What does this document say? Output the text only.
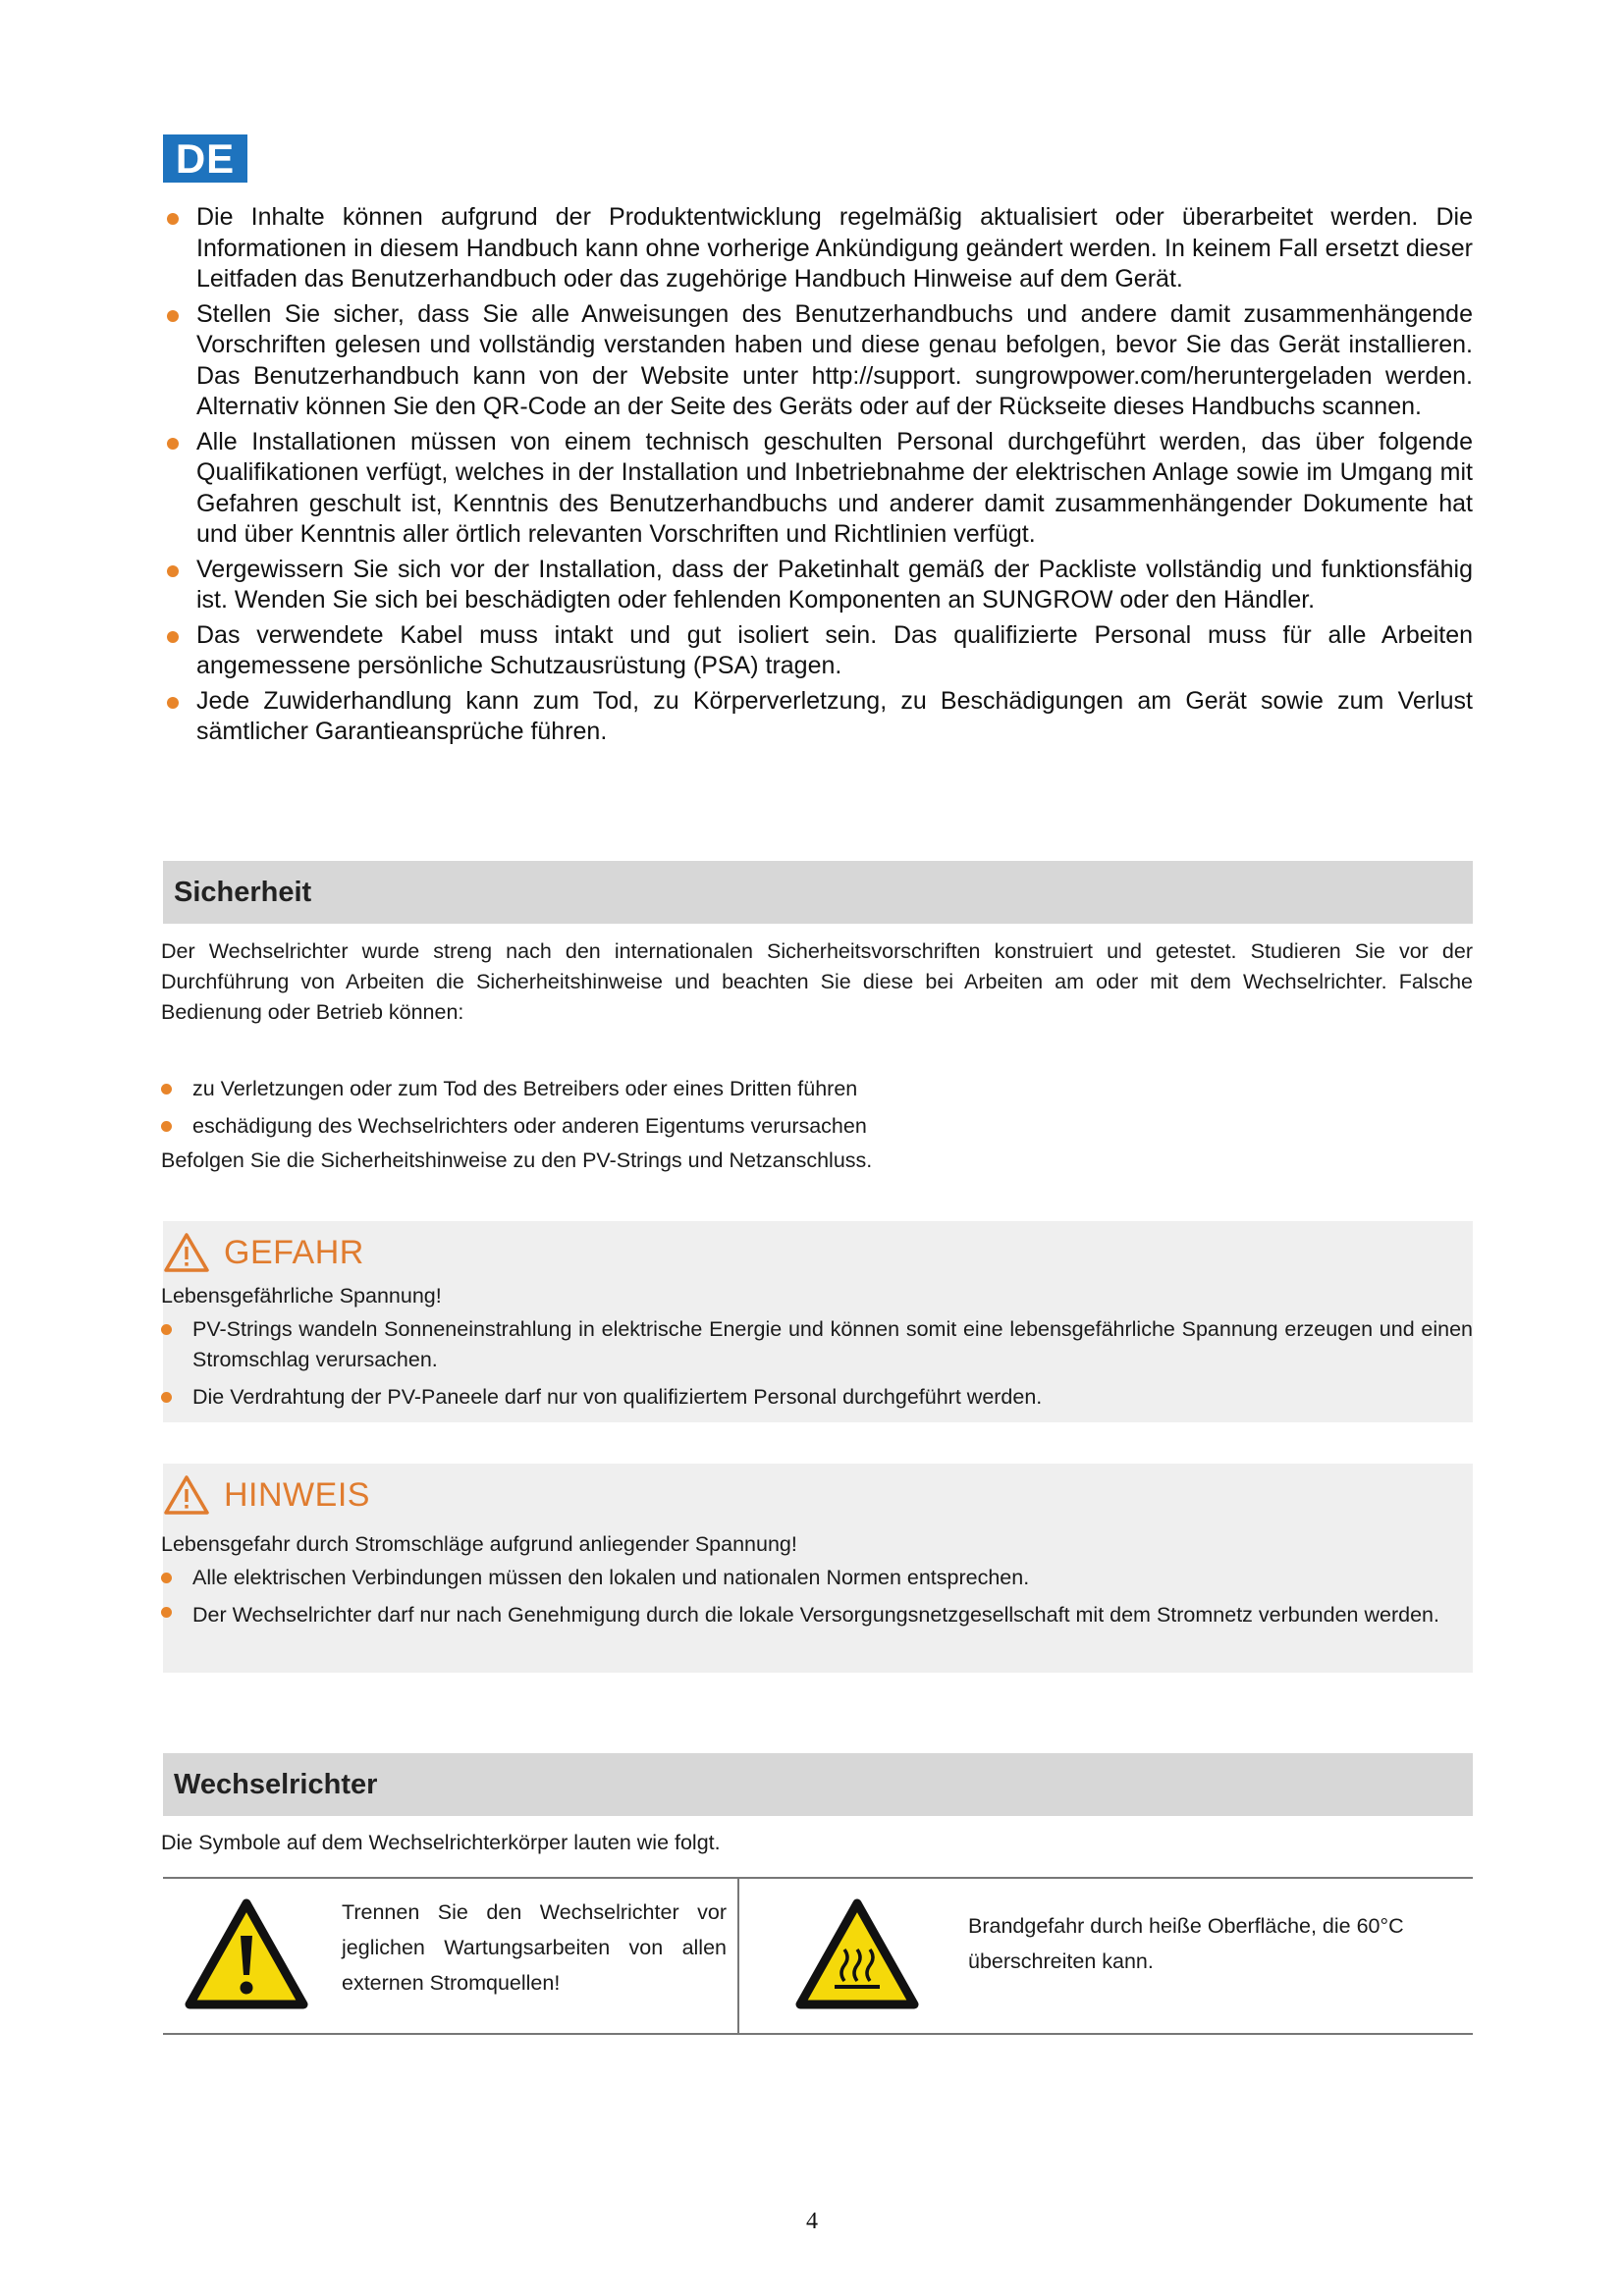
DE
Die Inhalte können aufgrund der Produktentwicklung regelmäßig aktualisiert oder überarbeitet werden. Die Informationen in diesem Handbuch kann ohne vorherige Ankündigung geändert werden. In keinem Fall ersetzt dieser Leitfaden das Benutzerhandbuch oder das zugehörige Handbuch Hinweise auf dem Gerät.
Stellen Sie sicher, dass Sie alle Anweisungen des Benutzerhandbuchs und andere damit zusammenhängende Vorschriften gelesen und vollständig verstanden haben und diese genau befolgen, bevor Sie das Gerät installieren. Das Benutzerhandbuch kann von der Website unter http://support. sungrowpower.com/heruntergeladen werden. Alternativ können Sie den QR-Code an der Seite des Geräts oder auf der Rückseite dieses Handbuchs scannen.
Alle Installationen müssen von einem technisch geschulten Personal durchgeführt werden, das über folgende Qualifikationen verfügt, welches in der Installation und Inbetriebnahme der elektrischen Anlage sowie im Umgang mit Gefahren geschult ist, Kenntnis des Benutzerhandbuchs und anderer damit zusammenhängender Dokumente hat und über Kenntnis aller örtlich relevanten Vorschriften und Richtlinien verfügt.
Vergewissern Sie sich vor der Installation, dass der Paketinhalt gemäß der Packliste vollständig und funktionsfähig ist. Wenden Sie sich bei beschädigten oder fehlenden Komponenten an SUNGROW oder den Händler.
Das verwendete Kabel muss intakt und gut isoliert sein. Das qualifizierte Personal muss für alle Arbeiten angemessene persönliche Schutzausrüstung (PSA) tragen.
Jede Zuwiderhandlung kann zum Tod, zu Körperverletzung, zu Beschädigungen am Gerät sowie zum Verlust sämtlicher Garantieansprüche führen.
Sicherheit
Der Wechselrichter wurde streng nach den internationalen Sicherheitsvorschriften konstruiert und getestet. Studieren Sie vor der Durchführung von Arbeiten die Sicherheitshinweise und beachten Sie diese bei Arbeiten am oder mit dem Wechselrichter. Falsche Bedienung oder Betrieb können:
zu Verletzungen oder zum Tod des Betreibers oder eines Dritten führen
eschädigung des Wechselrichters oder anderen Eigentums verursachen
Befolgen Sie die Sicherheitshinweise zu den PV-Strings und Netzanschluss.
GEFAHR
Lebensgefährliche Spannung!
PV-Strings wandeln Sonneneinstrahlung in elektrische Energie und können somit eine lebensgefährliche Spannung erzeugen und einen Stromschlag verursachen.
Die Verdrahtung der PV-Paneele darf nur von qualifiziertem Personal durchgeführt werden.
HINWEIS
Lebensgefahr durch Stromschläge aufgrund anliegender Spannung!
Alle elektrischen Verbindungen müssen den lokalen und nationalen Normen entsprechen.
Der Wechselrichter darf nur nach Genehmigung durch die lokale Versorgungsnetzgesellschaft mit dem Stromnetz verbunden werden.
Wechselrichter
Die Symbole auf dem Wechselrichterkörper lauten wie folgt.
Trennen Sie den Wechselrichter vor jeglichen Wartungsarbeiten von allen externen Stromquellen!
Brandgefahr durch heiße Oberfläche, die 60°C überschreiten kann.
4
